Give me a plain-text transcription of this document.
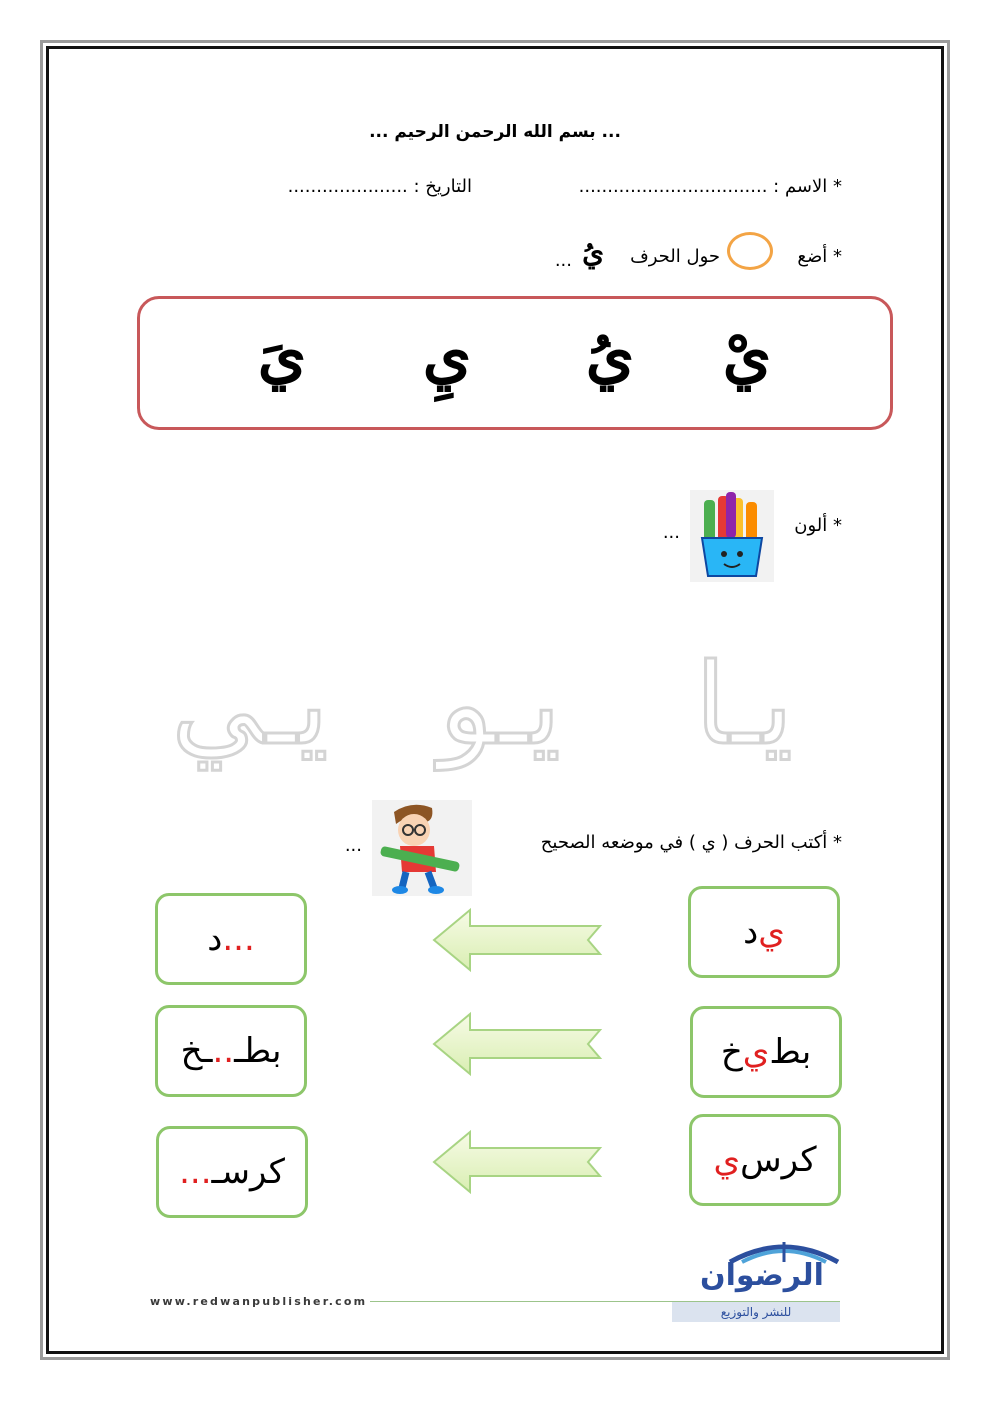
... بسم الله الرحمن الرحيم ...
* الاسم : .................................
التاريخ : .....................
* أضع
حول الحرف
يُ
...
يْ
يُ
يِ
يَ
* ألون
...
يـا
يـو
يـي
* أكتب الحرف ( ي ) في موضعه الصحيح
...
ي
د
...
د
بط
ي
خ
بطـ
..
ـخ
كرس
ي
كرسـ
...
www.redwanpublisher.com
الرضوان
للنشر والتوزيع
